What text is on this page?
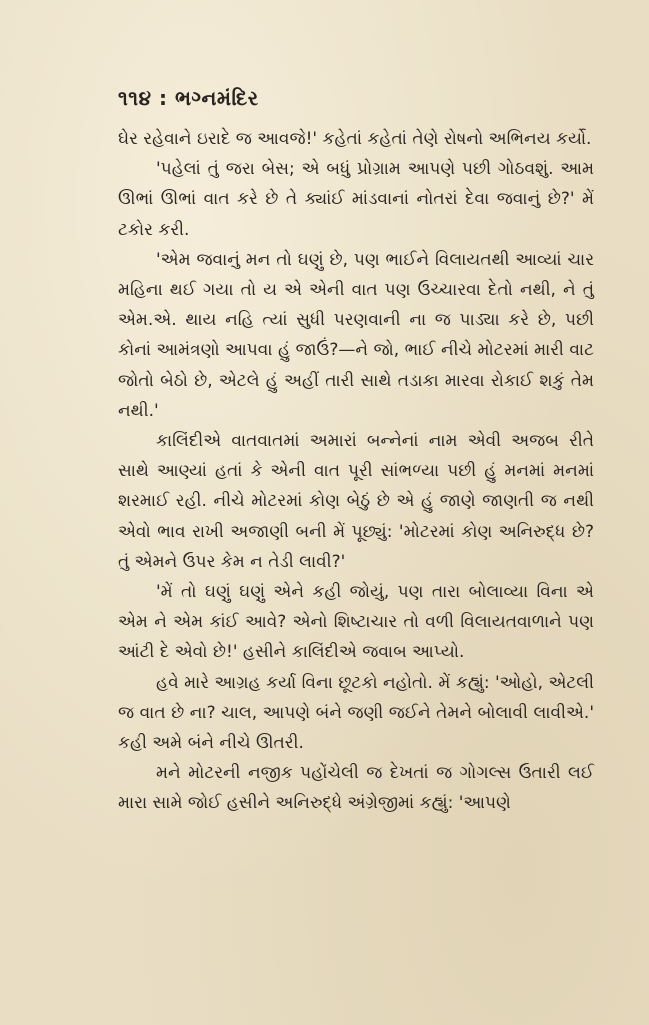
૧૧૪ : ભગ્નમંદિર

ઘેર રહેવાને ઇરાદે જ આવજે!' કહેતાં કહેતાં તેણે રોષનો અભિનય કર્યો.

'પહેલાં તું જરા બેસ; એ બધું પ્રોગ્રામ આપણે પછી ગોઠવશું. આમ ઊભાં ઊભાં વાત કરે છે તે ક્યાંઈ માંડવાનાં નોતરાં દેવા જવાનું છે?' મેં ટકોર કરી.

'એમ જવાનું મન તો ઘણું છે, પણ ભાઈને વિલાયતથી આવ્યાં ચાર મહિના થઈ ગયા તો ય એ એની વાત પણ ઉચ્ચારવા દેતો નથી, ને તું એમ.એ. થાય નહિ ત્યાં સુધી પરણવાની ના જ પાડ્યા કરે છે, પછી કોનાં આમંત્રણો આપવા હું જાઉં?—ને જો, ભાઈ નીચે મોટરમાં મારી વાટ જોતો બેઠો છે, એટલે હું અહીં તારી સાથે તડાકા મારવા રોકાઈ શકું તેમ નથી.'

કાલિંદીએ વાતવાતમાં અમારાં બન્નેનાં નામ એવી અજબ રીતે સાથે આણ્યાં હતાં કે એની વાત પૂરી સાંભળ્યા પછી હું મનમાં મનમાં શરમાઈ રહી. નીચે મોટરમાં કોણ બેઠું છે એ હું જાણે જાણતી જ નથી એવો ભાવ રાખી અજાણી બની મેં પૂછ્યું: 'મોટરમાં કોણ અનિરુદ્ધ છે? તું એમને ઉપર કેમ ન તેડી લાવી?'

'મેં તો ઘણું ઘણું એને કહી જોયું, પણ તારા બોલાવ્યા વિના એ એમ ને એમ કાંઈ આવે? એનો શિષ્ટાચાર તો વળી વિલાયતવાળાને પણ આંટી દે એવો છે!' હસીને કાલિંદીએ જવાબ આપ્યો.

હવે મારે આગ્રહ કર્યા વિના છૂટકો નહોતો. મેં કહ્યું: 'ઓહો, એટલી જ વાત છે ના? ચાલ, આપણે બંને જણી જઈને તેમને બોલાવી લાવીએ.' કહી અમે બંને નીચે ઊતરી.

મને મોટરની નજીક પહોંચેલી જ દેખતાં જ ગોગલ્સ ઉતારી લઈ મારા સામે જોઈ હસીને અનિરુદ્ધે અંગ્રેજીમાં કહ્યું: 'આપણે
